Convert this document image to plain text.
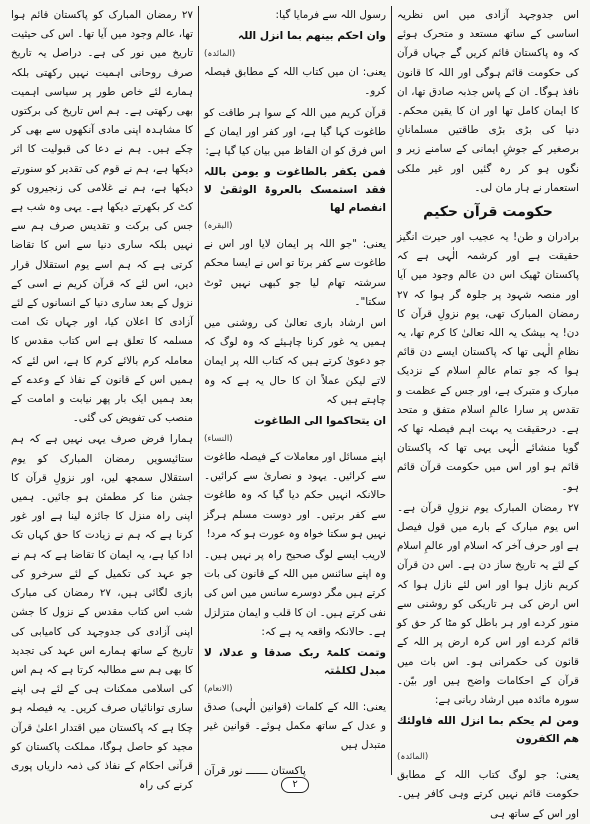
اس جدوجہد آزادی میں اس نظریہ اساسی کے ساتھ مستعد و متحرک ہوئے کہ وہ پاکستان قائم کریں گے جہاں قرآن کی حکومت قائم ہوگی اور اللہ کا قانون نافذ ہوگا۔ ان کے پاس جذبہ صادق تھا، ان کا ایمان کامل تھا اور ان کا یقین محکم۔ دنیا کی بڑی بڑی طاقتیں مسلمانانِ برصغیر کے جوشِ ایمانی کے سامنے زیر و نگوں ہو کر رہ گئیں اور غیر ملکی استعمار نے ہار مان لی۔

حکومت قرآن حکیم

برادران و طن! یہ عجیب اور حیرت انگیز حقیقت ہے اور کرشمہ الٰہی ہے کہ پاکستان ٹھیک اس دن عالم وجود میں آیا اور منصہ شہود پر جلوہ گر ہوا کہ ۲۷ رمضان المبارک تھی، یوم نزولِ قرآن کا دن! یہ بیشک یہ اللہ تعالیٰ کا کرم تھا، یہ نظامِ الٰہی تھا کہ پاکستان ایسے دن قائم ہوا کہ جو تمام عالمِ اسلام کے نزدیک مبارک و متبرک ہے، اور جس کے عظمت و تقدس پر سارا عالمِ اسلام متفق و متحد ہے۔ درحقیقت یہ بہت اہم فیصلہ تھا کہ گویا منشائے الٰہی یہی تھا کہ پاکستان قائم ہو اور اس میں حکومت قرآن قائم ہو۔

۲۷ رمضان المبارک یوم نزولِ قرآن ہے۔ اس یوم مبارک کے بارے میں قول فیصل ہے اور حرف آخر کہ اسلام اور عالمِ اسلام کے لئے یہ تاریخ ساز دن ہے۔ اس دن قرآن کریم نازل ہوا اور اس لئے نازل ہوا کہ اس ارض کی ہر تاریکی کو روشنی سے منور کردے اور ہر باطل کو مٹا کر حق کو قائم کردے اور اس کرہ ارض پر اللہ کے قانون کی حکمرانی ہو۔ اس بات میں قرآن کے احکامات واضح ہیں اور بیّن۔ سورہ مائدہ میں ارشاد ربانی ہے:

ومن لم يحكم بما انزل الله فاولئك هم الكفرون

(المائدہ)

یعنی: جو لوگ کتاب اللہ کے مطابق حکومت قائم نہیں کرتے وہی کافر ہیں۔ اور اس کے ساتھ ہی

رسول اللہ سے فرمایا گیا:

وان احکم بینھم بما انزل اللہ

(المائدہ)

یعنی: ان میں کتاب اللہ کے مطابق فیصلہ کرو۔

قرآن کریم میں اللہ کے سوا ہر طاقت کو طاغوت کہا گیا ہے، اور کفر اور ایمان کے اس فرق کو ان الفاظ میں بیان کیا گیا ہے:

فمن یکفر بالطاغوت و یومن باللہ فقد استمسک بالعروۃ الوثقیٰ لا انفصام لھا

(البقرہ)

یعنی: "جو اللہ پر ایمان لایا اور اس نے طاغوت سے کفر برتا تو اس نے ایسا محکم سرشتہ تھام لیا جو کبھی نہیں ٹوٹ سکتا"۔

اس ارشاد باری تعالیٰ کی روشنی میں ہمیں یہ غور کرنا چاہیئے کہ وہ لوگ کہ جو دعویٰ کرتے ہیں کہ کتاب اللہ پر ایمان لاتے لیکن عملاً ان کا حال یہ ہے کہ وہ چاہتے ہیں کہ

ان یتحاکموا الی الطاغوت

(النساء)

اپنے مسائل اور معاملات کے فیصلہ طاغوت سے کرائیں۔ یہود و نصاریٰ سے کرائیں۔ حالانکہ انہیں حکم دیا گیا کہ وہ طاغوت سے کفر برتیں۔ اور دوست مسلم ہرگز نہیں ہو سکتا خواہ وہ عورت ہو کہ مرد!

لاریب ایسے لوگ صحیح راہ پر نہیں ہیں۔ وہ اپنے سائنس میں اللہ کے قانون کی بات کرتے ہیں مگر دوسرے سانس میں اس کی نفی کرتے ہیں۔ ان کا قلب و ایمان متزلزل ہے۔ حالانکہ واقعہ یہ ہے کہ:

وتمت کلمۃ ربک صدقا و عدلا، لا مبدل لکلمٰتہ

(الانعام)

یعنی: اللہ کے کلمات (قوانین الٰہی) صدق و عدل کے ساتھ مکمل ہوئے۔ قوانین غیر متبدل ہیں

پاکستان ـــــــ نور قرآن

۲۷ رمضان المبارک کو پاکستان قائم ہوا تھا، عالم وجود میں آیا تھا۔ اس کی حیثیت تاریخ میں نور کی ہے۔ دراصل یہ تاریخ صرف روحانی اہمیت نہیں رکھتی بلکہ ہمارے لئے خاص طور پر سیاسی اہمیت بھی رکھتی ہے۔ ہم اس تاریخ کی برکتوں کا مشاہدہ اپنی مادی آنکھوں سے بھی کر چکے ہیں۔ ہم نے دعا کی قبولیت کا اثر دیکھا ہے، ہم نے قوم کی تقدیر کو سنورتے دیکھا ہے، ہم نے غلامی کی زنجیروں کو کٹ کر بکھرتے دیکھا ہے۔ یہی وہ شب ہے جس کی برکت و تقدیس صرف ہم سے نہیں بلکہ ساری دنیا سے اس کا تقاضا کرتی ہے کہ ہم اسے یوم استقلال قرار دیں، اس لئے کہ قرآن کریم نے اسی کے نزول کے بعد ساری دنیا کے انسانوں کے لئے آزادی کا اعلان کیا، اور جہاں تک امت مسلمہ کا تعلق ہے اس کتاب مقدس کا معاملہ کرم بالائے کرم کا ہے، اس لئے کہ ہمیں اس کے قانون کے نفاذ کے وعدے کے بعد ہمیں ایک بار پھر نیابت و امامت کے منصب کی تفویض کی گئی۔

ہمارا فرض صرف یہی نہیں ہے کہ ہم ستائیسویں رمضان المبارک کو یوم استقلال سمجھ لیں، اور نزولِ قرآن کا جشن منا کر مطمئن ہو جائیں۔ ہمیں اپنی راہ منزل کا جائزہ لینا ہے اور غور کرنا ہے کہ ہم نے زیادت کا حق کہاں تک ادا کیا ہے، یہ ایمان کا تقاضا ہے کہ ہم نے جو عہد کی تکمیل کے لئے سرخرو کی بازی لگائی ہیں، ۲۷ رمضان کی مبارک شب اس کتاب مقدس کے نزول کا جشن اپنی آزادی کی جدوجہد کی کامیابی کی تاریخ کے ساتھ ہمارے اس عہد کی تجدید کا بھی ہم سے مطالبہ کرتا ہے کہ ہم اس کی اسلامی ممکنات ہی کے لئے ہی اپنے ساری توانائیاں صرف کریں۔ یہ فیصلہ ہو چکا ہے کہ پاکستان میں اقتدار اعلیٰ قرآن مجید کو حاصل ہوگا، مملکت پاکستان کو قرآنی احکام کے نفاذ کی ذمہ داریاں پوری کرنے کی راہ	۲
